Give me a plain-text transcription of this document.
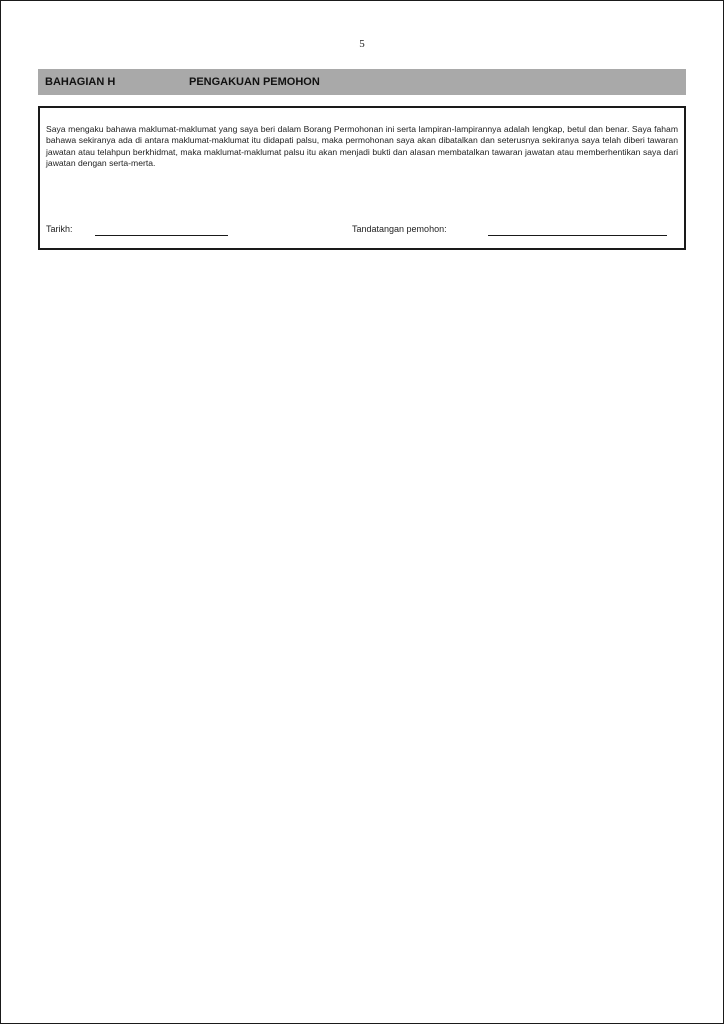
5
BAHAGIAN H	PENGAKUAN PEMOHON

Saya mengaku bahawa maklumat-maklumat yang saya beri dalam Borang Permohonan ini serta lampiran-lampirannya adalah lengkap, betul dan benar. Saya faham bahawa sekiranya ada di antara maklumat-maklumat itu didapati palsu, maka permohonan saya akan dibatalkan dan seterusnya sekiranya saya telah diberi tawaran jawatan atau telahpun berkhidmat, maka maklumat-maklumat palsu itu akan menjadi bukti dan alasan membatalkan tawaran jawatan atau memberhentikan saya dari jawatan dengan serta-merta.

Tarikh:	Tandatangan pemohon:
